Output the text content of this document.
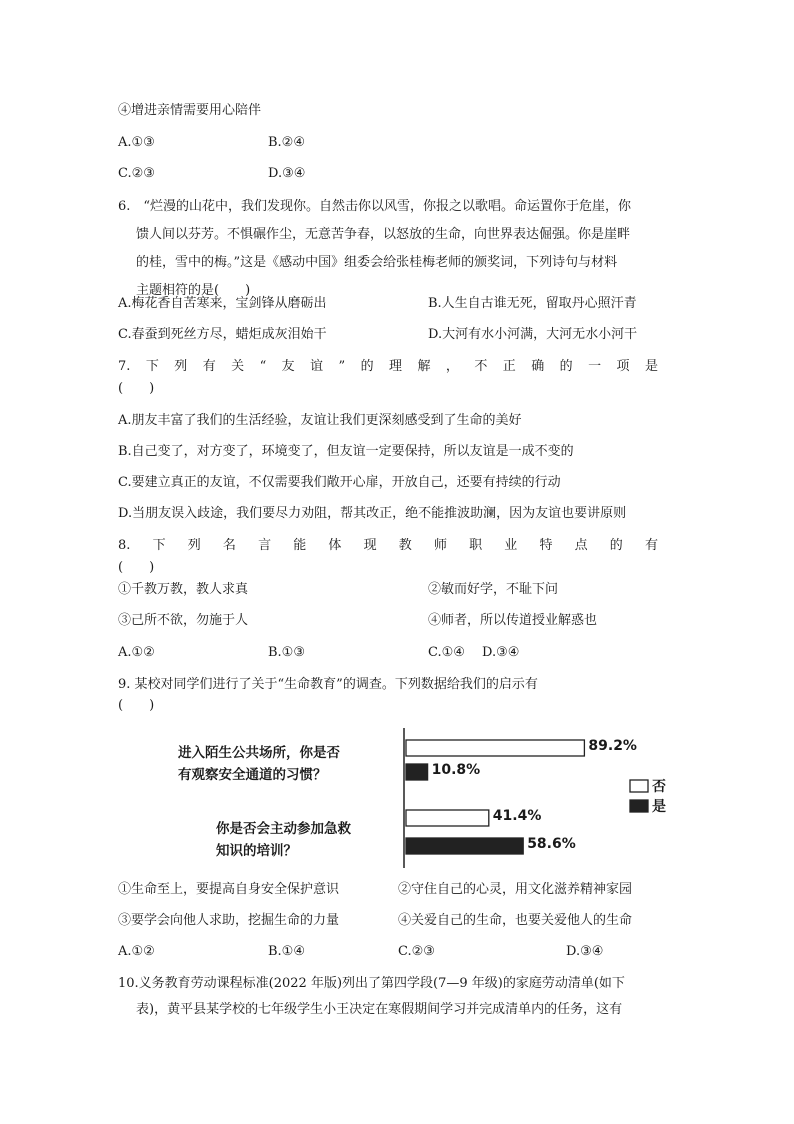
④增进亲情需要用心陪伴
A.①③	B.②④
C.②③	D.③④
6.　“烂漫的山花中，我们发现你。自然击你以风雪，你报之以歌唱。命运置你于危崖，你
馈人间以芬芳。不惧碾作尘，无意苦争春，以怒放的生命，向世界表达倔强。你是崖畔
的桂，雪中的梅。”这是《感动中国》组委会给张桂梅老师的颁奖词，下列诗句与材料
主题相符的是(　　)
A.梅花香自苦寒来，宝剑锋从磨砺出	B.人生自古谁无死，留取丹心照汗青
C.春蚕到死丝方尽，蜡炬成灰泪始干	D.大河有水小河满，大河无水小河干
7. 下 列 有 关 “ 友 谊 ” 的 理 解 ， 不 正 确 的 一 项 是
(　　)
A.朋友丰富了我们的生活经验，友谊让我们更深刻感受到了生命的美好
B.自己变了，对方变了，环境变了，但友谊一定要保持，所以友谊是一成不变的
C.要建立真正的友谊，不仅需要我们敞开心扉，开放自己，还要有持续的行动
D.当朋友误入歧途，我们要尽力劝阻，帮其改正，绝不能推波助澜，因为友谊也要讲原则
8. 下 列 名 言 能 体 现 教 师 职 业 特 点 的 有
(　　)
①千教万教，教人求真	②敏而好学，不耻下问
③己所不欲，勿施于人	④师者，所以传道授业解惑也
A.①②	B.①③	C.①④ D.③④
9. 某校对同学们进行了关于“生命教育”的调查。下列数据给我们的启示有
(　　)
进入陌生公共场所，你是否
有观察安全通道的习惯？
你是否会主动参加急救
知识的培训？
89.2%
10.8%
41.4%
58.6%
否
是
①生命至上，要提高自身安全保护意识	②守住自己的心灵，用文化滋养精神家园
③要学会向他人求助，挖掘生命的力量	④关爱自己的生命，也要关爱他人的生命
A.①②	B.①④	C.②③	D.③④
10.义务教育劳动课程标准(2022 年版)列出了第四学段(7—9 年级)的家庭劳动清单(如下
表)，黄平县某学校的七年级学生小王决定在寒假期间学习并完成清单内的任务，这有
